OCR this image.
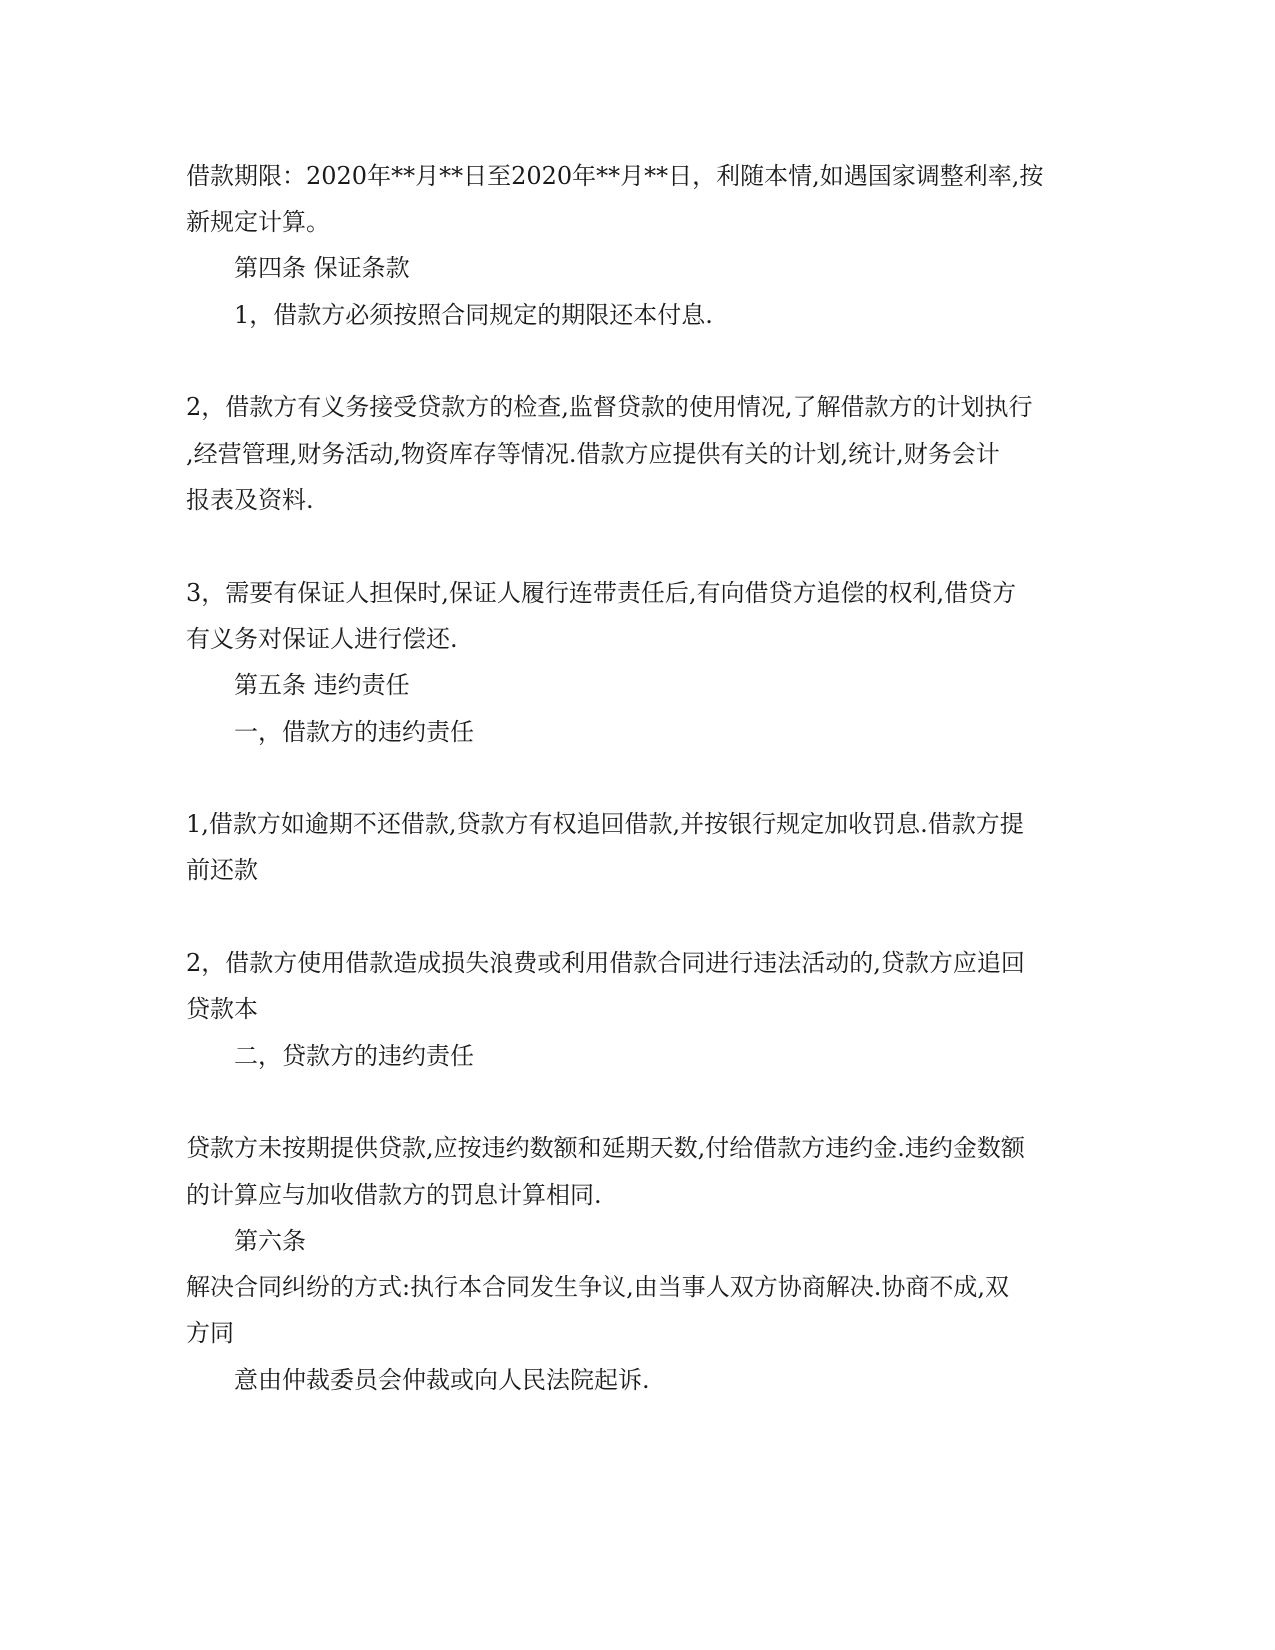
借款期限：2020年**月**日至2020年**月**日，利随本情,如遇国家调整利率,按
新规定计算。
第四条 保证条款
1，借款方必须按照合同规定的期限还本付息.
2，借款方有义务接受贷款方的检查,监督贷款的使用情况,了解借款方的计划执行
,经营管理,财务活动,物资库存等情况.借款方应提供有关的计划,统计,财务会计
报表及资料.
3，需要有保证人担保时,保证人履行连带责任后,有向借贷方追偿的权利,借贷方
有义务对保证人进行偿还.
第五条 违约责任
一，借款方的违约责任
1,借款方如逾期不还借款,贷款方有权追回借款,并按银行规定加收罚息.借款方提
前还款
2，借款方使用借款造成损失浪费或利用借款合同进行违法活动的,贷款方应追回
贷款本
二，贷款方的违约责任
贷款方未按期提供贷款,应按违约数额和延期天数,付给借款方违约金.违约金数额
的计算应与加收借款方的罚息计算相同.
第六条
解决合同纠纷的方式:执行本合同发生争议,由当事人双方协商解决.协商不成,双
方同
意由仲裁委员会仲裁或向人民法院起诉.
